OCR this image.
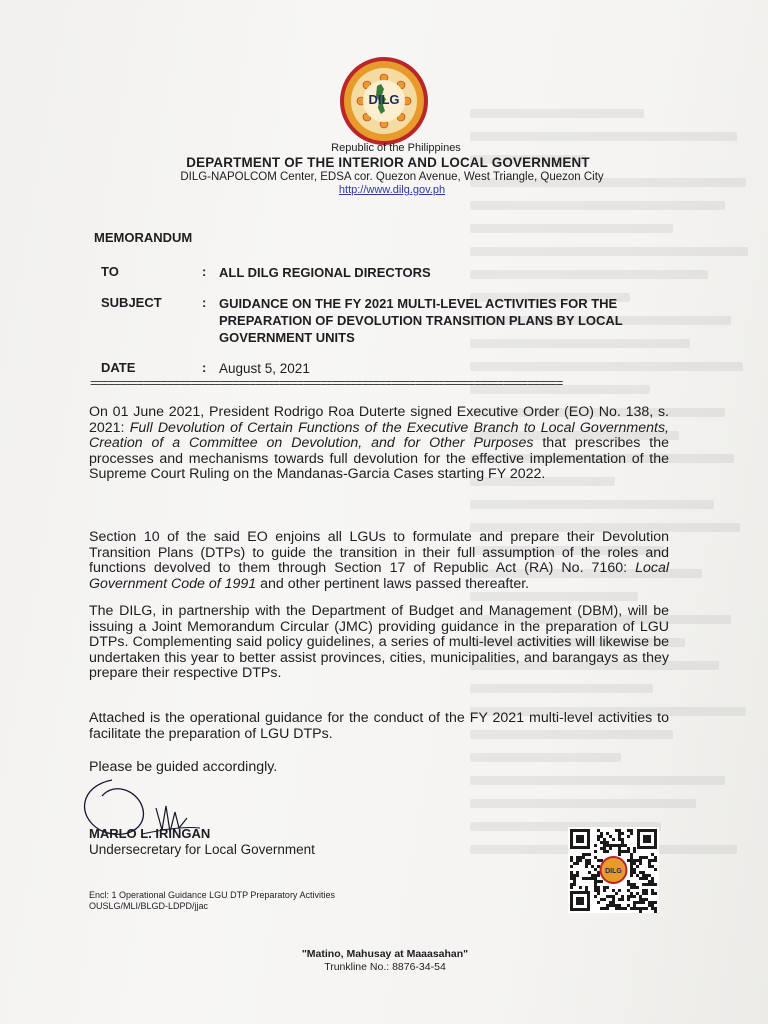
DILG
Republic of the Philippines
DEPARTMENT OF THE INTERIOR AND LOCAL GOVERNMENT
DILG-NAPOLCOM Center, EDSA cor. Quezon Avenue, West Triangle, Quezon City
http://www.dilg.gov.ph
MEMORANDUM
TO	: ALL DILG REGIONAL DIRECTORS
SUBJECT	: GUIDANCE ON THE FY 2021 MULTI-LEVEL ACTIVITIES FOR THE PREPARATION OF DEVOLUTION TRANSITION PLANS BY LOCAL GOVERNMENT UNITS
DATE	: August 5, 2021
================================================================================

On 01 June 2021, President Rodrigo Roa Duterte signed Executive Order (EO) No. 138, s. 2021: Full Devolution of Certain Functions of the Executive Branch to Local Governments, Creation of a Committee on Devolution, and for Other Purposes that prescribes the processes and mechanisms towards full devolution for the effective implementation of the Supreme Court Ruling on the Mandanas-Garcia Cases starting FY 2022.

Section 10 of the said EO enjoins all LGUs to formulate and prepare their Devolution Transition Plans (DTPs) to guide the transition in their full assumption of the roles and functions devolved to them through Section 17 of Republic Act (RA) No. 7160: Local Government Code of 1991 and other pertinent laws passed thereafter.

The DILG, in partnership with the Department of Budget and Management (DBM), will be issuing a Joint Memorandum Circular (JMC) providing guidance in the preparation of LGU DTPs. Complementing said policy guidelines, a series of multi-level activities will likewise be undertaken this year to better assist provinces, cities, municipalities, and barangays as they prepare their respective DTPs.

Attached is the operational guidance for the conduct of the FY 2021 multi-level activities to facilitate the preparation of LGU DTPs.

Please be guided accordingly.

MARLO L. IRINGAN
Undersecretary for Local Government
Encl: 1 Operational Guidance LGU DTP Preparatory Activities
OUSLG/MLI/BLGD-LDPD/jjac
"Matino, Mahusay at Maaasahan"
Trunkline No.: 8876-34-54
DILG
